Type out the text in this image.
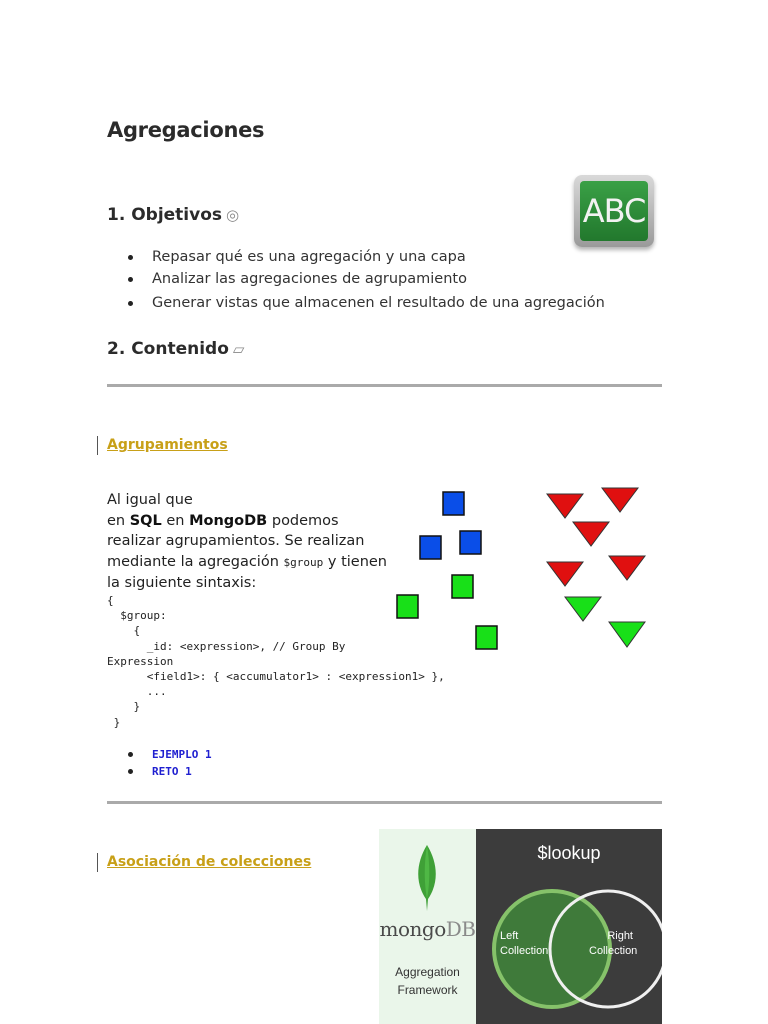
Agregaciones
1. Objetivos ◎	ABC
Repasar qué es una agregación y una capa
Analizar las agregaciones de agrupamiento
Generar vistas que almacenen el resultado de una agregación
2. Contenido ▱
Agrupamientos
Al igual que
en SQL en MongoDB podemos realizar agrupamientos. Se realizan mediante la agregación $group y tienen la siguiente sintaxis:
{
$group:
{
_id: <expression>, // Group By
Expression
<field1>: { <accumulator1> : <expression1> },
...
}
}
EJEMPLO 1
RETO 1
Asociación de colecciones
mongoDB
Aggregation
Framework
$lookup
Left
Collection
Right
Collection
